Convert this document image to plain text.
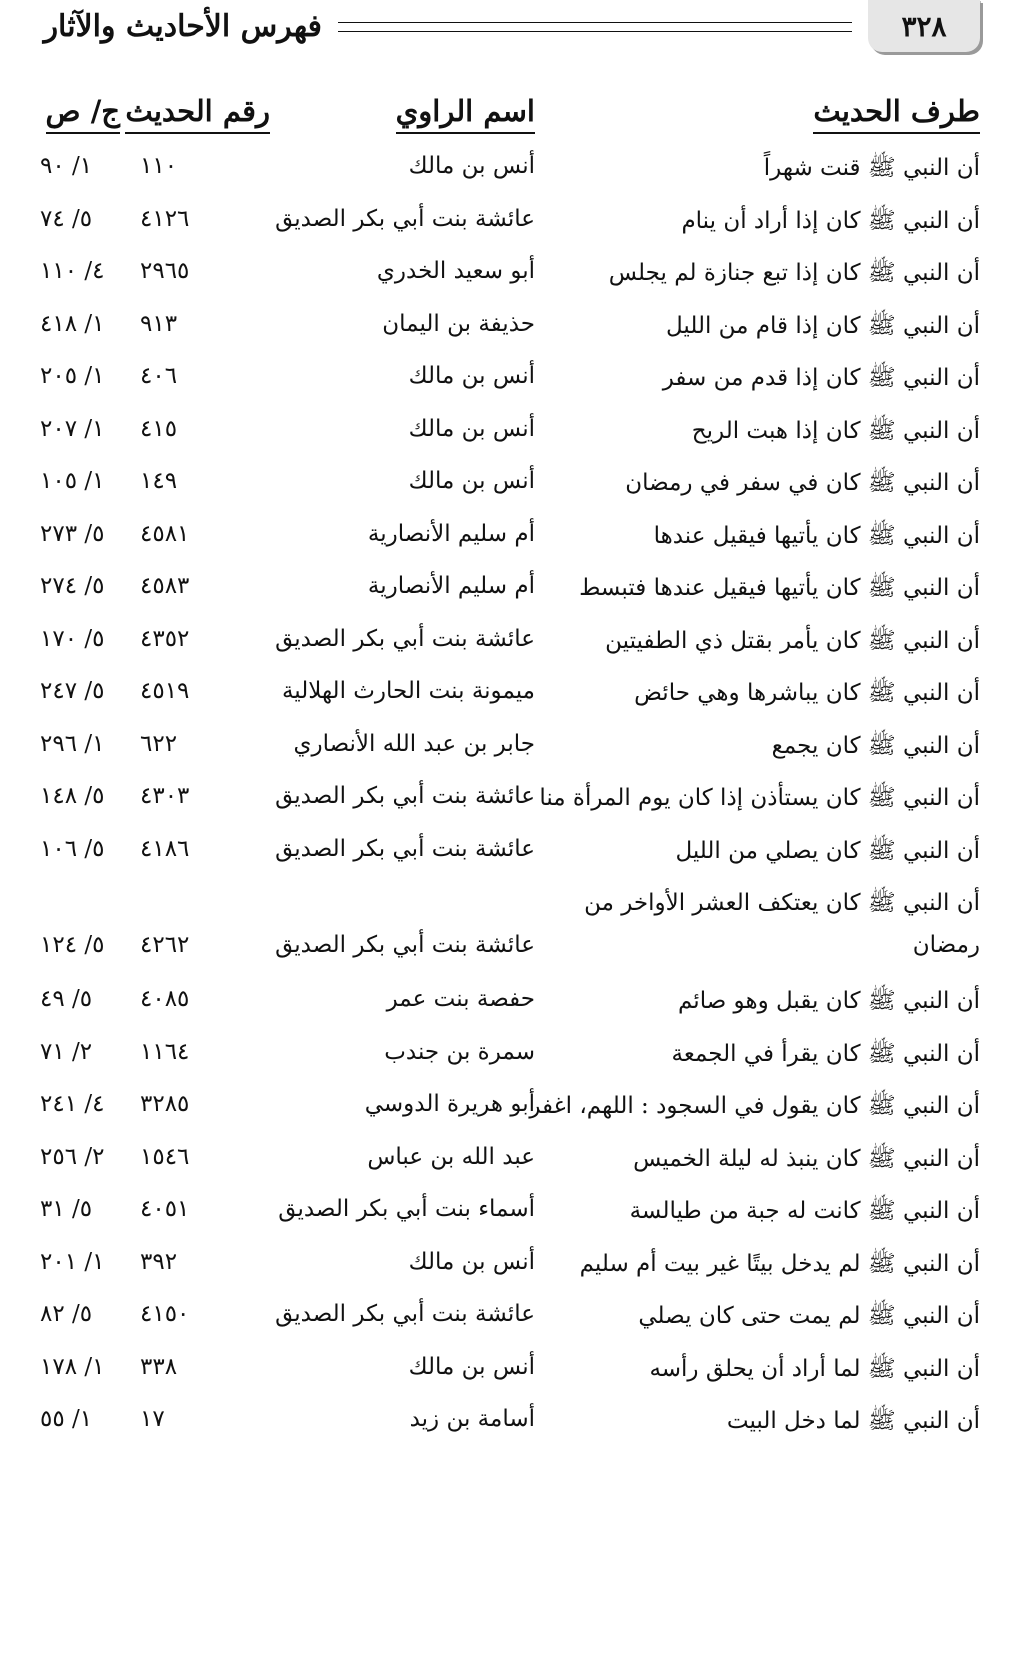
٣٢٨
فهرس الأحاديث والآثار
طرف الحديث
اسم الراوي
رقم الحديث
ج/ ص
أن النبي ﷺ قنت شهراً
أنس بن مالك
١١٠
١/ ٩٠
أن النبي ﷺ كان إذا أراد أن ينام
عائشة بنت أبي بكر الصديق
٤١٢٦
٥/ ٧٤
أن النبي ﷺ كان إذا تبع جنازة لم يجلس
أبو سعيد الخدري
٢٩٦٥
٤/ ١١٠
أن النبي ﷺ كان إذا قام من الليل
حذيفة بن اليمان
٩١٣
١/ ٤١٨
أن النبي ﷺ كان إذا قدم من سفر
أنس بن مالك
٤٠٦
١/ ٢٠٥
أن النبي ﷺ كان إذا هبت الريح
أنس بن مالك
٤١٥
١/ ٢٠٧
أن النبي ﷺ كان في سفر في رمضان
أنس بن مالك
١٤٩
١/ ١٠٥
أن النبي ﷺ كان يأتيها فيقيل عندها
أم سليم الأنصارية
٤٥٨١
٥/ ٢٧٣
أن النبي ﷺ كان يأتيها فيقيل عندها فتبسط
أم سليم الأنصارية
٤٥٨٣
٥/ ٢٧٤
أن النبي ﷺ كان يأمر بقتل ذي الطفيتين
عائشة بنت أبي بكر الصديق
٤٣٥٢
٥/ ١٧٠
أن النبي ﷺ كان يباشرها وهي حائض
ميمونة بنت الحارث الهلالية
٤٥١٩
٥/ ٢٤٧
أن النبي ﷺ كان يجمع
جابر بن عبد الله الأنصاري
٦٢٢
١/ ٢٩٦
أن النبي ﷺ كان يستأذن إذا كان يوم المرأة منا
عائشة بنت أبي بكر الصديق
٤٣٠٣
٥/ ١٤٨
أن النبي ﷺ كان يصلي من الليل
عائشة بنت أبي بكر الصديق
٤١٨٦
٥/ ١٠٦
أن النبي ﷺ كان يعتكف العشر الأواخر من
رمضان
عائشة بنت أبي بكر الصديق
٤٢٦٢
٥/ ١٢٤
أن النبي ﷺ كان يقبل وهو صائم
حفصة بنت عمر
٤٠٨٥
٥/ ٤٩
أن النبي ﷺ كان يقرأ في الجمعة
سمرة بن جندب
١١٦٤
٢/ ٧١
أن النبي ﷺ كان يقول في السجود : اللهم، اغفر
أبو هريرة الدوسي
٣٢٨٥
٤/ ٢٤١
أن النبي ﷺ كان ينبذ له ليلة الخميس
عبد الله بن عباس
١٥٤٦
٢/ ٢٥٦
أن النبي ﷺ كانت له جبة من طيالسة
أسماء بنت أبي بكر الصديق
٤٠٥١
٥/ ٣١
أن النبي ﷺ لم يدخل بيتًا غير بيت أم سليم
أنس بن مالك
٣٩٢
١/ ٢٠١
أن النبي ﷺ لم يمت حتى كان يصلي
عائشة بنت أبي بكر الصديق
٤١٥٠
٥/ ٨٢
أن النبي ﷺ لما أراد أن يحلق رأسه
أنس بن مالك
٣٣٨
١/ ١٧٨
أن النبي ﷺ لما دخل البيت
أسامة بن زيد
١٧
١/ ٥٥
